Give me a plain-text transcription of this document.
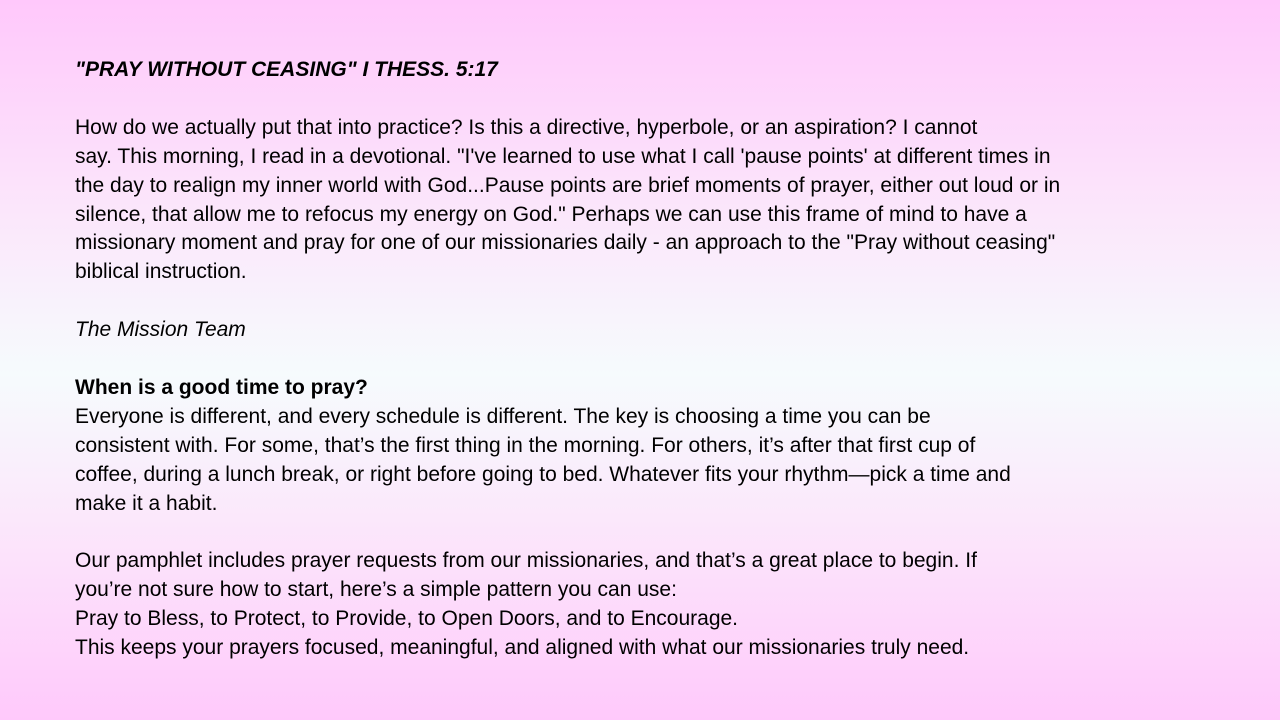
"PRAY WITHOUT CEASING" I THESS. 5:17

How do we actually put that into practice? Is this a directive, hyperbole, or an aspiration? I cannot
say. This morning, I read in a devotional. "I've learned to use what I call 'pause points' at different times in
the day to realign my inner world with God...Pause points are brief moments of prayer, either out loud or in
silence, that allow me to refocus my energy on God." Perhaps we can use this frame of mind to have a
missionary moment and pray for one of our missionaries daily - an approach to the "Pray without ceasing"
biblical instruction.

The Mission Team

When is a good time to pray?

Everyone is different, and every schedule is different. The key is choosing a time you can be
consistent with. For some, that’s the first thing in the morning. For others, it’s after that first cup of
coffee, during a lunch break, or right before going to bed. Whatever fits your rhythm—pick a time and
make it a habit.

Our pamphlet includes prayer requests from our missionaries, and that’s a great place to begin. If
you’re not sure how to start, here’s a simple pattern you can use:
Pray to Bless, to Protect, to Provide, to Open Doors, and to Encourage.
This keeps your prayers focused, meaningful, and aligned with what our missionaries truly need.
